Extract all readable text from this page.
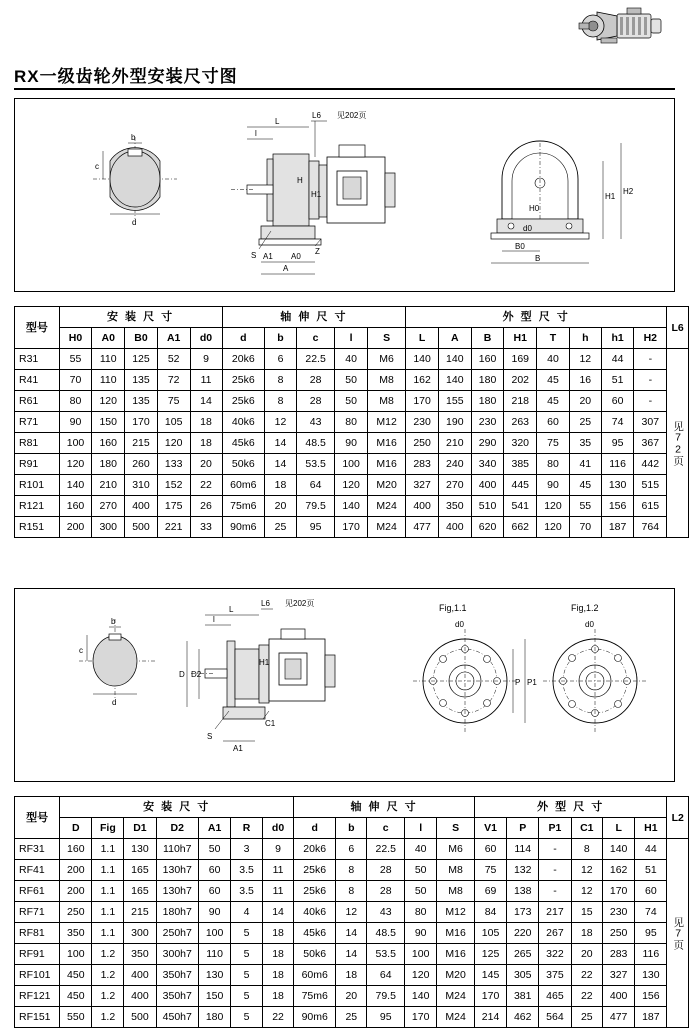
RX一级齿轮外型安装尺寸图
b
c
d
S A1 A0
A
Z
l
L
L6 见202页
H
H1	H1
H2
H0
B0
B
d0
型号	安 装 尺 寸					轴 伸 尺 寸					外 型 尺 寸								L6
	H0	A0	B0	A1	d0	d	b	c	l	S	L	A	B	H1	T	h	h1	H2	
R31	55	110	125	52	9	20k6	6	22.5	40	M6	140	140	160	169	40	12	44	-	见72页

R41	70	110	135	72	11	25k6	8	28	50	M8	162	140	180	202	45	16	51	-	
R61	80	120	135	75	14	25k6	8	28	50	M8	170	155	180	218	45	20	60	-	
R71	90	150	170	105	18	40k6	12	43	80	M12	230	190	230	263	60	25	74	307	
R81	100	160	215	120	18	45k6	14	48.5	90	M16	250	210	290	320	75	35	95	367	
R91	120	180	260	133	20	50k6	14	53.5	100	M16	283	240	340	385	80	41	116	442	
R101	140	210	310	152	22	60m6	18	64	120	M20	327	270	400	445	90	45	130	515	
R121	160	270	400	175	26	75m6	20	79.5	140	M24	400	350	510	541	120	55	156	615	
R151	200	300	500	221	33	90m6	25	95	170	M24	477	400	620	662	120	70	187	764	
b
c
d
l
L
L6 见202页
H1
D D2
S
A1
C1
Fig,1.1
d0
P P1
Fig,1.2
d0
型号	安 装 尺 寸							轴 伸 尺 寸					外 型 尺 寸						L2
	D	Fig	D1	D2	A1	R	d0	d	b	c	l	S	V1	P	P1	C1	L	H1	
RF31	160	1.1	130	110h7	50	3	9	20k6	6	22.5	40	M6	60	114	-	8	140	44	见7页

RF41	200	1.1	165	130h7	60	3.5	11	25k6	8	28	50	M8	75	132	-	12	162	51	
RF61	200	1.1	165	130h7	60	3.5	11	25k6	8	28	50	M8	69	138	-	12	170	60	
RF71	250	1.1	215	180h7	90	4	14	40k6	12	43	80	M12	84	173	217	15	230	74	
RF81	350	1.1	300	250h7	100	5	18	45k6	14	48.5	90	M16	105	220	267	18	250	95	
RF91	100	1.2	350	300h7	110	5	18	50k6	14	53.5	100	M16	125	265	322	20	283	116	
RF101	450	1.2	400	350h7	130	5	18	60m6	18	64	120	M20	145	305	375	22	327	130	
RF121	450	1.2	400	350h7	150	5	18	75m6	20	79.5	140	M24	170	381	465	22	400	156	
RF151	550	1.2	500	450h7	180	5	22	90m6	25	95	170	M24	214	462	564	25	477	187	
